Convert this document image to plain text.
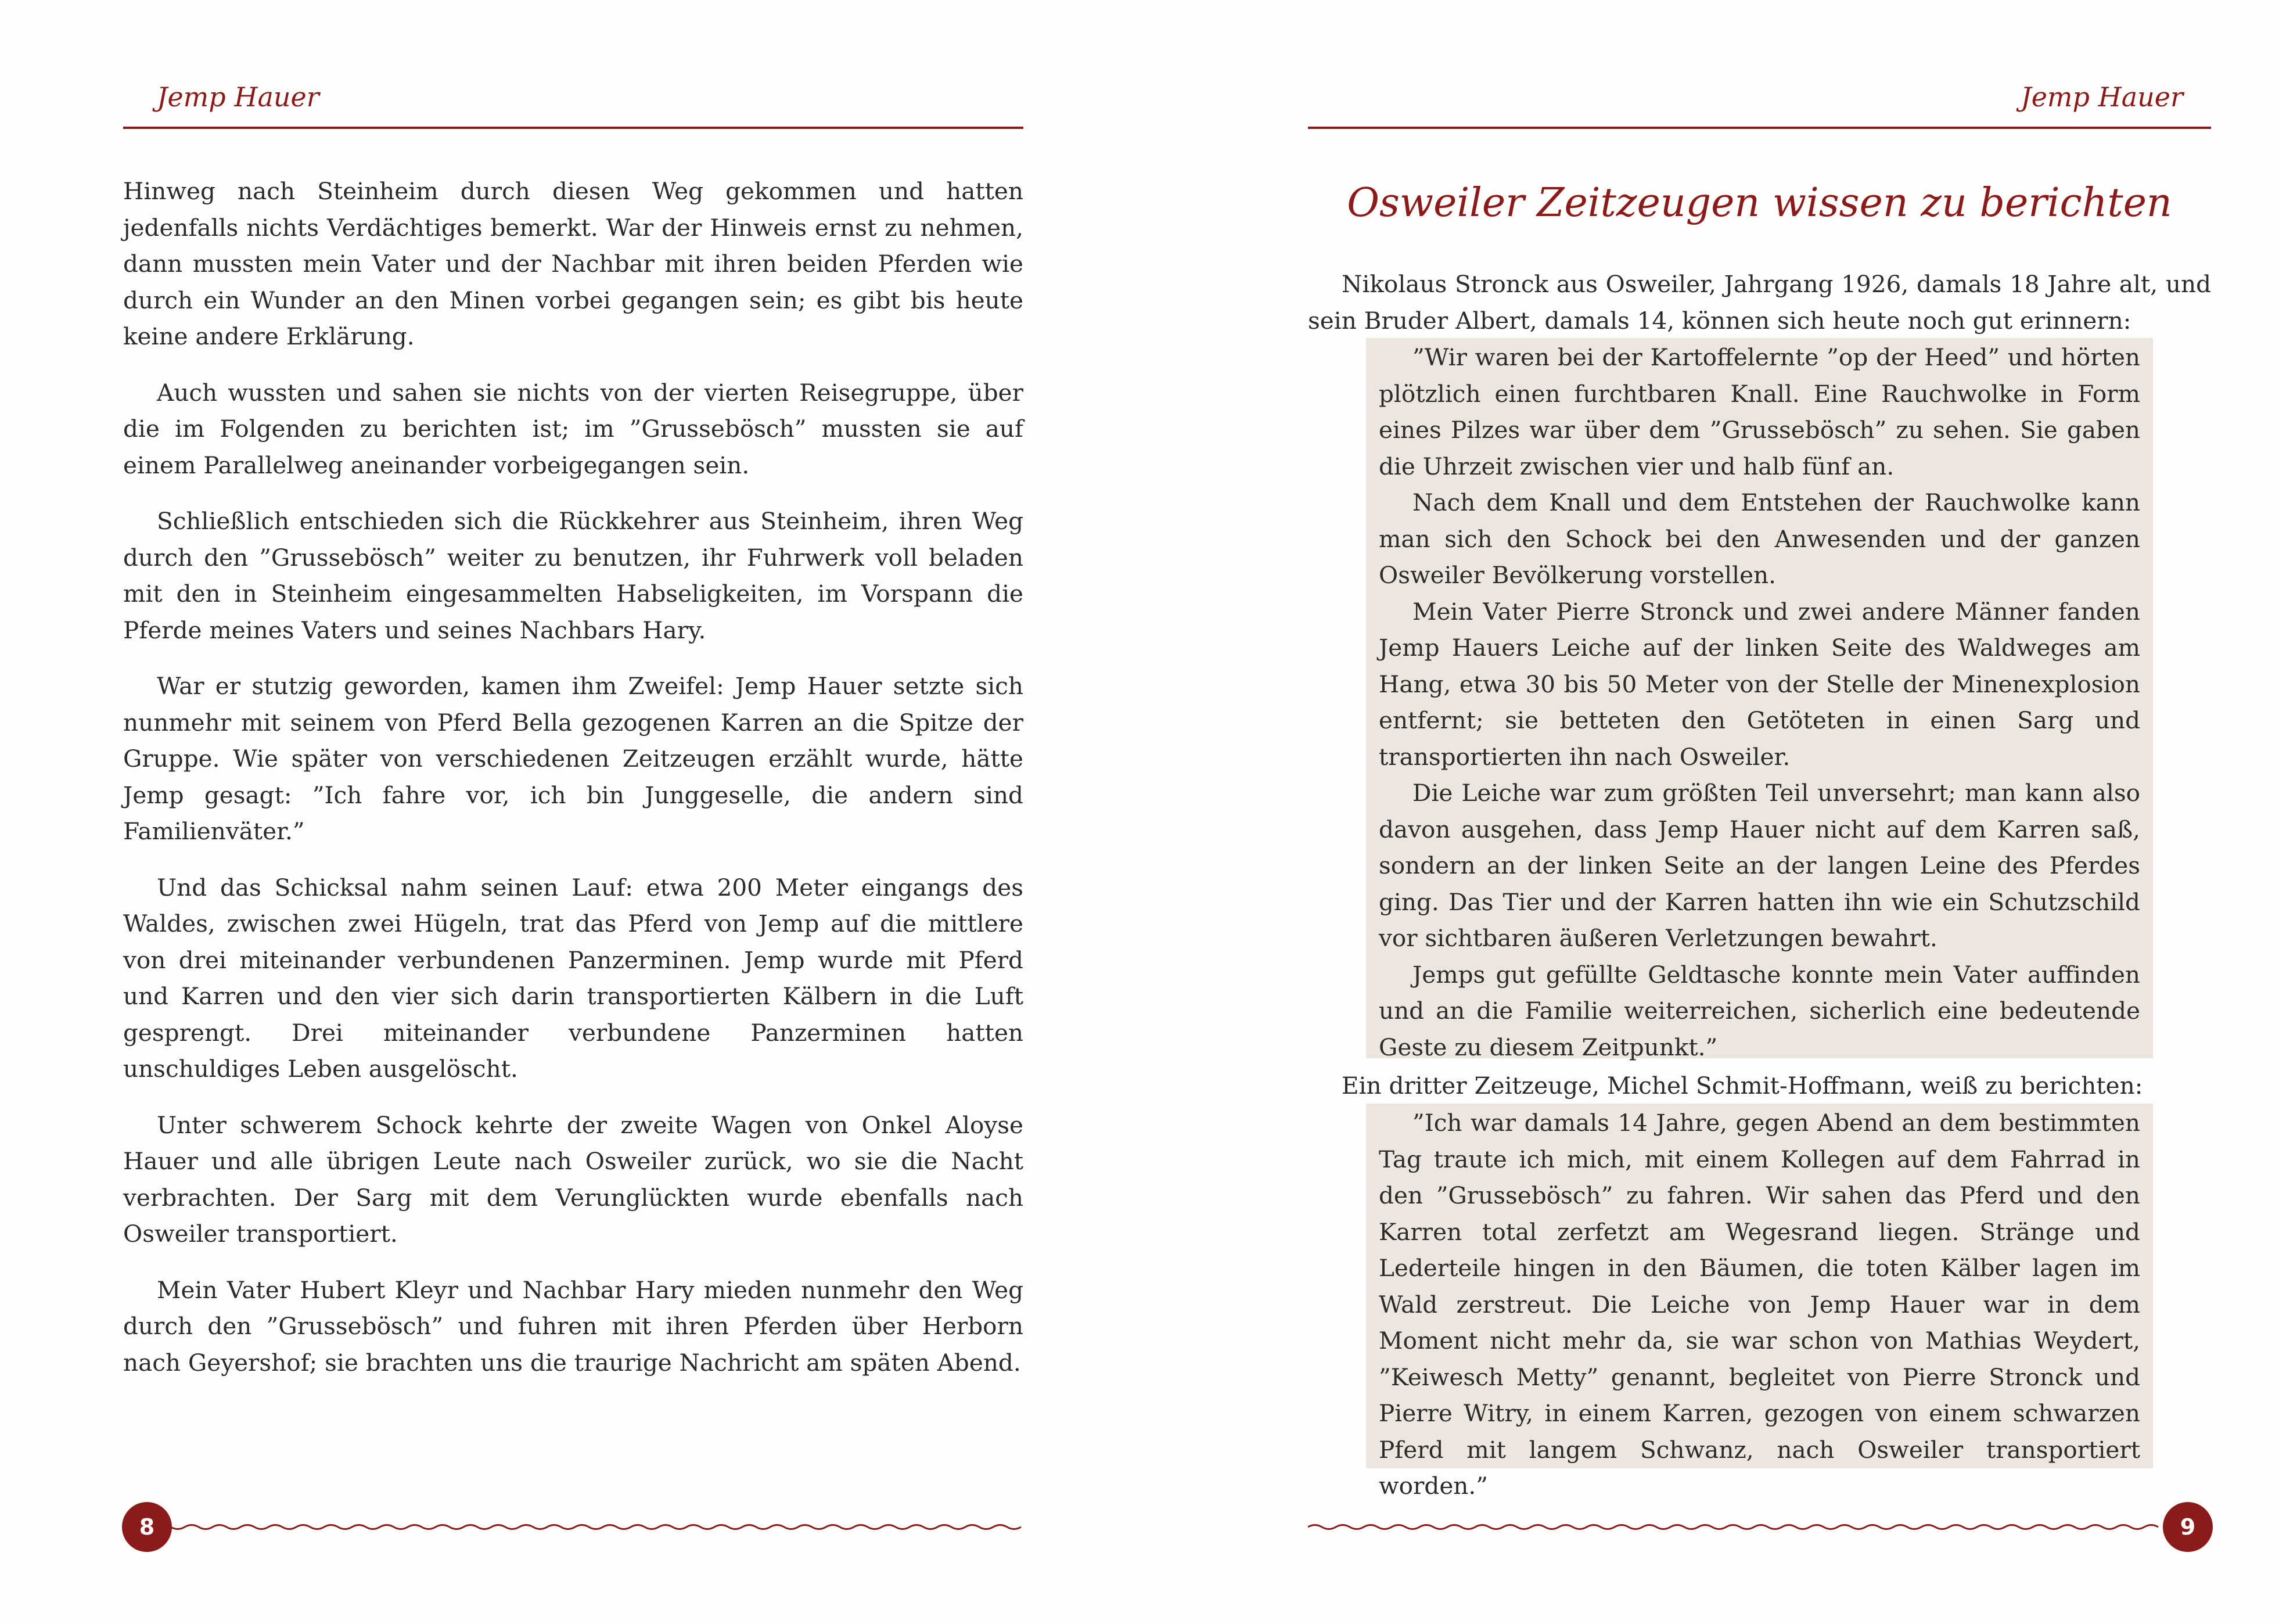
Jemp Hauer

Hinweg nach Steinheim durch diesen Weg gekommen und hatten jedenfalls nichts Verdächtiges bemerkt. War der Hinweis ernst zu nehmen, dann mussten mein Vater und der Nachbar mit ihren beiden Pferden wie durch ein Wunder an den Minen vorbei gegangen sein; es gibt bis heute keine andere Erklärung.

Auch wussten und sahen sie nichts von der vierten Reisegruppe, über die im Folgenden zu berichten ist; im ”Grussebösch” mussten sie auf einem Parallelweg aneinander vorbeigegangen sein.

Schließlich entschieden sich die Rückkehrer aus Steinheim, ihren Weg durch den ”Grussebösch” weiter zu benutzen, ihr Fuhrwerk voll beladen mit den in Steinheim eingesammelten Habseligkeiten, im Vorspann die Pferde meines Vaters und seines Nachbars Hary.

War er stutzig geworden, kamen ihm Zweifel: Jemp Hauer setzte sich nunmehr mit seinem von Pferd Bella gezogenen Karren an die Spitze der Gruppe. Wie später von verschiedenen Zeitzeugen erzählt wurde, hätte Jemp gesagt: ”Ich fahre vor, ich bin Junggeselle, die andern sind Familienväter.”

Und das Schicksal nahm seinen Lauf: etwa 200 Meter eingangs des Waldes, zwischen zwei Hügeln, trat das Pferd von Jemp auf die mittlere von drei miteinander verbundenen Panzerminen. Jemp wurde mit Pferd und Karren und den vier sich darin transportierten Kälbern in die Luft gesprengt. Drei miteinander verbundene Panzerminen hatten unschuldiges Leben ausgelöscht.

Unter schwerem Schock kehrte der zweite Wagen von Onkel Aloyse Hauer und alle übrigen Leute nach Osweiler zurück, wo sie die Nacht verbrachten. Der Sarg mit dem Verunglückten wurde ebenfalls nach Osweiler transportiert.

Mein Vater Hubert Kleyr und Nachbar Hary mieden nunmehr den Weg durch den ”Grussebösch” und fuhren mit ihren Pferden über Herborn nach Geyershof; sie brachten uns die traurige Nachricht am späten Abend.

8
Jemp Hauer
Osweiler Zeitzeugen wissen zu berichten
Nikolaus Stronck aus Osweiler, Jahrgang 1926, damals 18 Jahre alt, und sein Bruder Albert, damals 14, können sich heute noch gut erinnern:

”Wir waren bei der Kartoffelernte ”op der Heed” und hörten plötzlich einen furchtbaren Knall. Eine Rauchwolke in Form eines Pilzes war über dem ”Grussebösch” zu sehen. Sie gaben die Uhrzeit zwischen vier und halb fünf an.

Nach dem Knall und dem Entstehen der Rauchwolke kann man sich den Schock bei den Anwesenden und der ganzen Osweiler Bevölkerung vorstellen.

Mein Vater Pierre Stronck und zwei andere Männer fanden Jemp Hauers Leiche auf der linken Seite des Waldweges am Hang, etwa 30 bis 50 Meter von der Stelle der Minenexplosion entfernt; sie betteten den Getöteten in einen Sarg und transportierten ihn nach Osweiler.

Die Leiche war zum größten Teil unversehrt; man kann also davon ausgehen, dass Jemp Hauer nicht auf dem Karren saß, sondern an der linken Seite an der langen Leine des Pferdes ging. Das Tier und der Karren hatten ihn wie ein Schutzschild vor sichtbaren äußeren Verletzungen bewahrt.

Jemps gut gefüllte Geldtasche konnte mein Vater auffinden und an die Familie weiterreichen, sicherlich eine bedeutende Geste zu diesem Zeitpunkt.”

Ein dritter Zeitzeuge, Michel Schmit-Hoffmann, weiß zu berichten:

”Ich war damals 14 Jahre, gegen Abend an dem bestimmten Tag traute ich mich, mit einem Kollegen auf dem Fahrrad in den ”Grussebösch” zu fahren. Wir sahen das Pferd und den Karren total zerfetzt am Wegesrand liegen. Stränge und Lederteile hingen in den Bäumen, die toten Kälber lagen im Wald zerstreut. Die Leiche von Jemp Hauer war in dem Moment nicht mehr da, sie war schon von Mathias Weydert, ”Keiwesch Metty” genannt, begleitet von Pierre Stronck und Pierre Witry, in einem Karren, gezogen von einem schwarzen Pferd mit langem Schwanz, nach Osweiler transportiert worden.”

9
